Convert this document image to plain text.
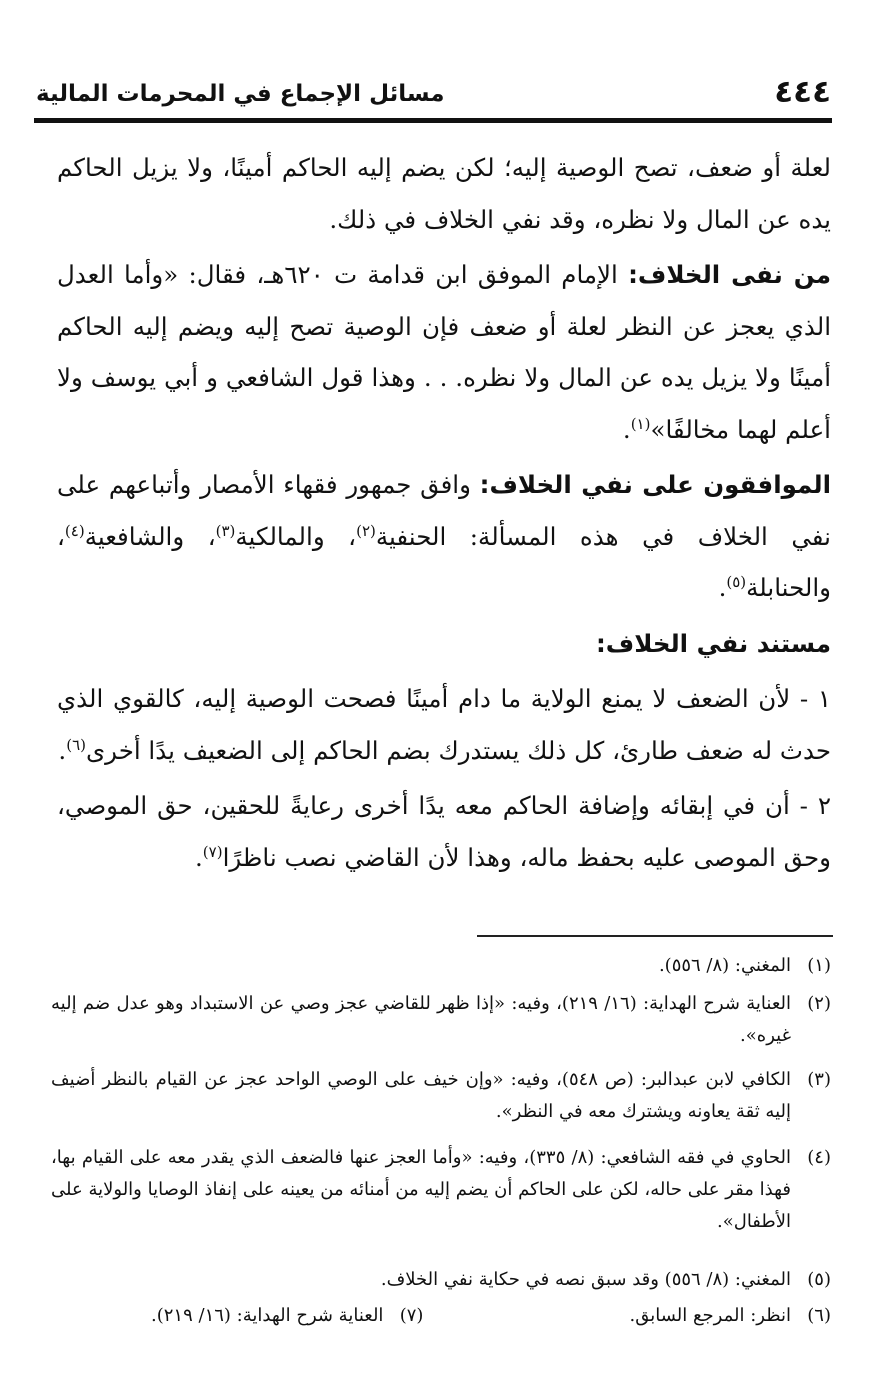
٤٤٤
مسائل الإجماع في المحرمات المالية

لعلة أو ضعف، تصح الوصية إليه؛ لكن يضم إليه الحاكم أمينًا، ولا يزيل الحاكم يده عن المال ولا نظره، وقد نفي الخلاف في ذلك.

من نفى الخلاف: الإمام الموفق ابن قدامة ت ٦٢٠هـ، فقال: «وأما العدل الذي يعجز عن النظر لعلة أو ضعف فإن الوصية تصح إليه ويضم إليه الحاكم أمينًا ولا يزيل يده عن المال ولا نظره. . . وهذا قول الشافعي و أبي يوسف ولا أعلم لهما مخالفًا»$^{(١)}$.

الموافقون على نفي الخلاف: وافق جمهور فقهاء الأمصار وأتباعهم على نفي الخلاف في هذه المسألة: الحنفية$^{(٢)}$، والمالكية$^{(٣)}$، والشافعية$^{(٤)}$، والحنابلة$^{(٥)}$.

مستند نفي الخلاف:

١ - لأن الضعف لا يمنع الولاية ما دام أمينًا فصحت الوصية إليه، كالقوي الذي حدث له ضعف طارئ، كل ذلك يستدرك بضم الحاكم إلى الضعيف يدًا أخرى$^{(٦)}$.

٢ - أن في إبقائه وإضافة الحاكم معه يدًا أخرى رعايةً للحقين، حق الموصي، وحق الموصى عليه بحفظ ماله، وهذا لأن القاضي نصب ناظرًا$^{(٧)}$.

(١)المغني: (٨/ ٥٥٦).
(٢)
العناية شرح الهداية: (١٦/ ٢١٩)، وفيه: «إذا ظهر للقاضي عجز وصي عن الاستبداد وهو عدل ضم إليه غيره».
(٣)
الكافي لابن عبدالبر: (ص ٥٤٨)، وفيه: «وإن خيف على الوصي الواحد عجز عن القيام بالنظر أضيف إليه ثقة يعاونه ويشترك معه في النظر».
(٤)
الحاوي في فقه الشافعي: (٨/ ٣٣٥)، وفيه: «وأما العجز عنها فالضعف الذي يقدر معه على القيام بها، فهذا مقر على حاله، لكن على الحاكم أن يضم إليه من أمنائه من يعينه على إنفاذ الوصايا والولاية على الأطفال».
(٥)المغني: (٨/ ٥٥٦) وقد سبق نصه في حكاية نفي الخلاف.
(٦)انظر: المرجع السابق.
(٧)العناية شرح الهداية: (١٦/ ٢١٩).
